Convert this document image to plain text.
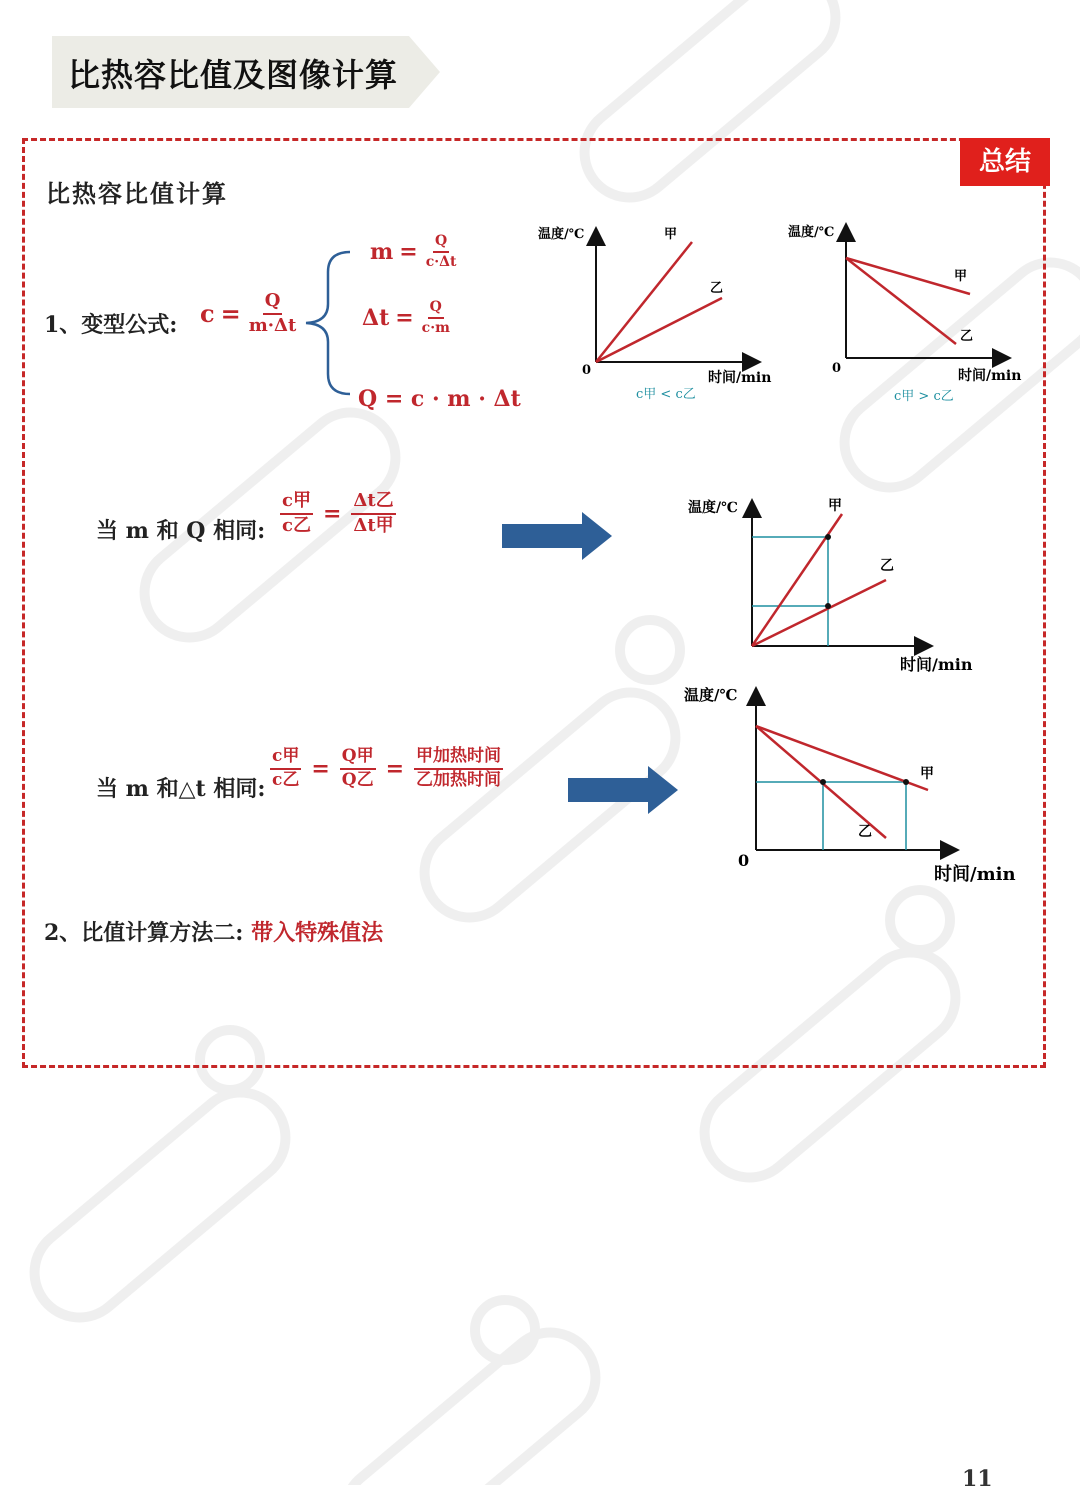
比热容比值及图像计算
总结
比热容比值计算
1、变型公式: $c = \frac{Q}{m\cdot\Delta t}$
$m = \frac{Q}{c\cdot\Delta t}$
$\Delta t = \frac{Q}{c\cdot m}$
Q = c · m · Δt
温度/℃
时间/min
0
甲
乙
c甲 < c乙
温度/℃
时间/min
0
甲
乙
c甲 > c乙
当 m 和 Q 相同: $\frac{\text{c甲}}{\text{c乙}} = \frac{\text{Δt乙}}{\text{Δt甲}}$	温度/℃
时间/min
甲
乙
当 m 和△t 相同: $\frac{\text{c甲}}{\text{c乙}} = \frac{\text{Q甲}}{\text{Q乙}} = \frac{\text{甲加热时间}}{\text{乙加热时间}}$
温度/℃
时间/min
0
甲
乙
2、比值计算方法二: 带入特殊值法
11
